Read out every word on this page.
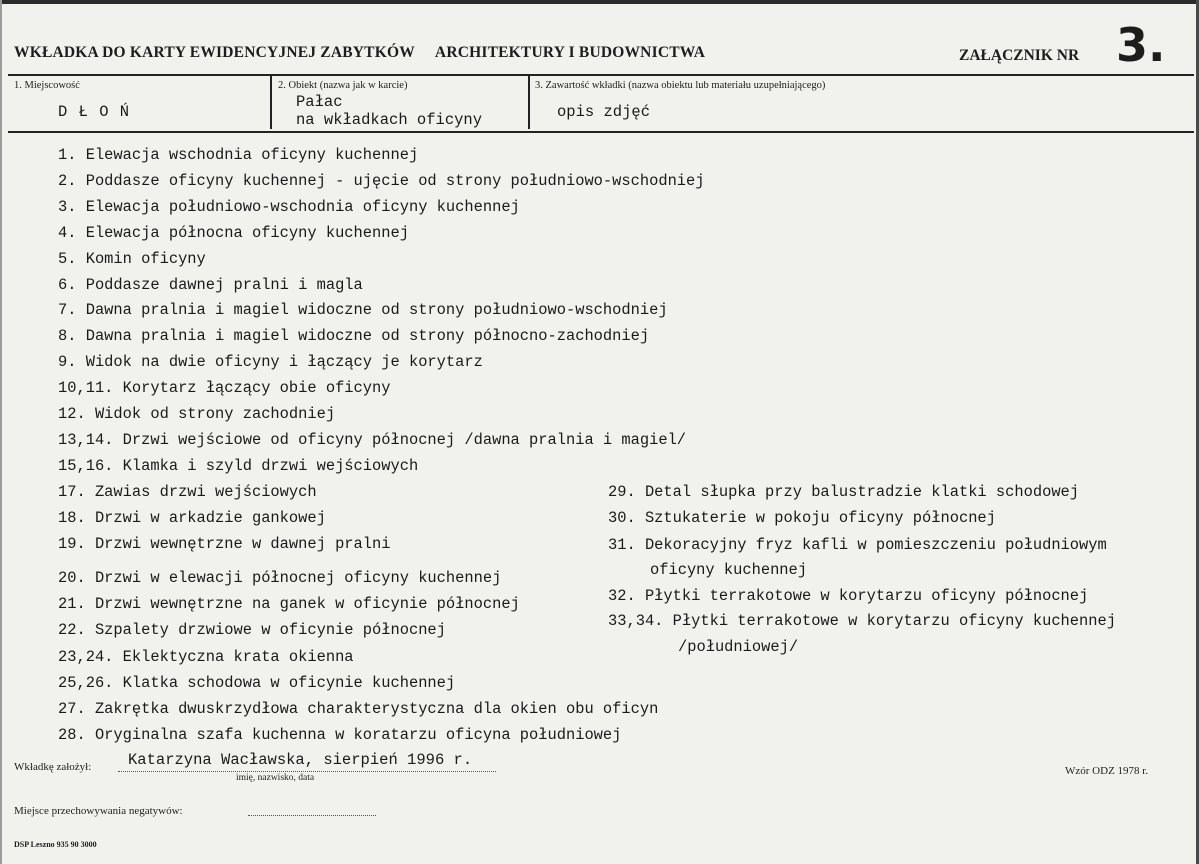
WKŁADKA DO KARTY EWIDENCYJNEJ ZABYTKÓW ARCHITEKTURY I BUDOWNICTWA	ZAŁĄCZNIK NR 3.
1. Miejscowość
D Ł O Ń
2. Obiekt (nazwa jak w karcie)
Pałac
na wkładkach oficyny
3. Zawartość wkładki (nazwa obiektu lub materiału uzupełniającego)
opis zdjęć
1. Elewacja wschodnia oficyny kuchennej
2. Poddasze oficyny kuchennej - ujęcie od strony południowo-wschodniej
3. Elewacja południowo-wschodnia oficyny kuchennej
4. Elewacja północna oficyny kuchennej
5. Komin oficyny
6. Poddasze dawnej pralni i magla
7. Dawna pralnia i magiel widoczne od strony południowo-wschodniej
8. Dawna pralnia i magiel widoczne od strony północno-zachodniej
9. Widok na dwie oficyny i łączący je korytarz
10,11. Korytarz łączący obie oficyny
12. Widok od strony zachodniej
13,14. Drzwi wejściowe od oficyny północnej /dawna pralnia i magiel/
15,16. Klamka i szyld drzwi wejściowych
17. Zawias drzwi wejściowych
18. Drzwi w arkadzie gankowej
19. Drzwi wewnętrzne w dawnej pralni
20. Drzwi w elewacji północnej oficyny kuchennej
21. Drzwi wewnętrzne na ganek w oficynie północnej
22. Szpalety drzwiowe w oficynie północnej
23,24. Eklektyczna krata okienna
25,26. Klatka schodowa w oficynie kuchennej
27. Zakrętka dwuskrzydłowa charakterystyczna dla okien obu oficyn
28. Oryginalna szafa kuchenna w koratarzu oficyna południowej
29. Detal słupka przy balustradzie klatki schodowej
30. Sztukaterie w pokoju oficyny północnej
31. Dekoracyjny fryz kafli w pomieszczeniu południowym
oficyny kuchennej
32. Płytki terrakotowe w korytarzu oficyny północnej
33,34. Płytki terrakotowe w korytarzu oficyny kuchennej
/południowej/
Wkładkę założył: Katarzyna Wacławska, sierpień 1996 r.
imię, nazwisko, data
Wzór ODZ 1978 r.
Miejsce przechowywania negatywów:
DSP Leszno 935 90 3000
